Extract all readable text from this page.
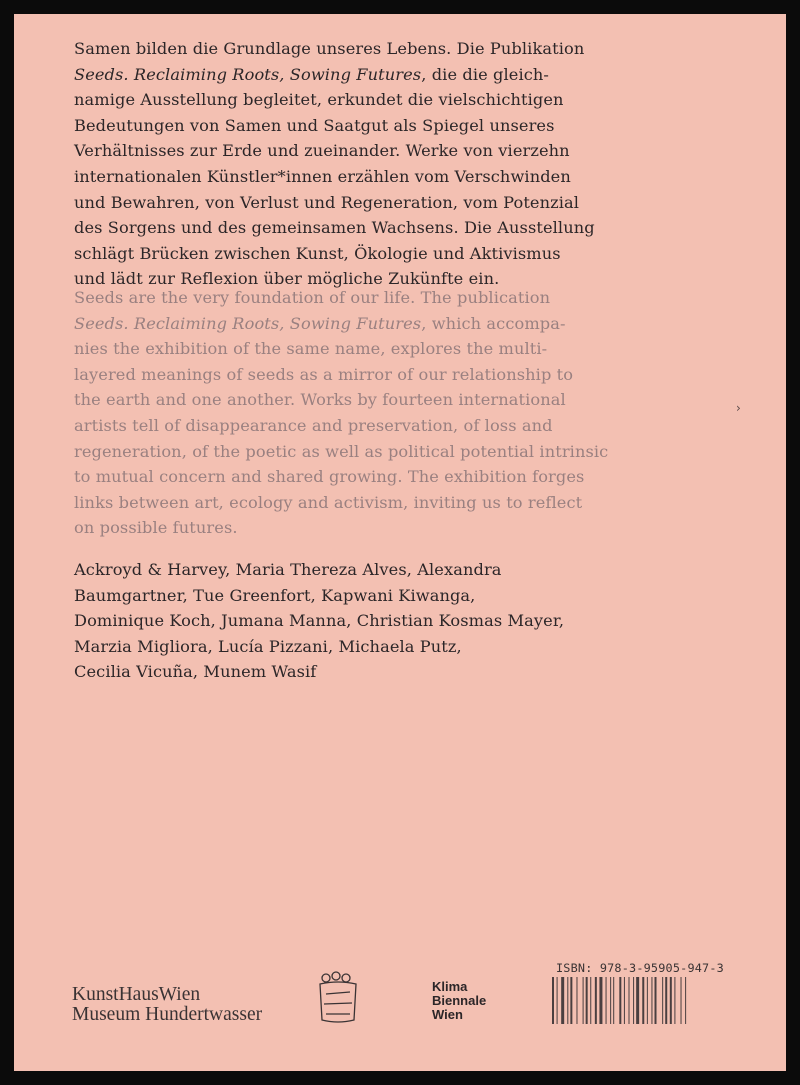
Samen bilden die Grundlage unseres Lebens. Die Publikation

Seeds. Reclaiming Roots, Sowing Futures, die die gleich-

namige Ausstellung begleitet, erkundet die vielschichtigen

Bedeutungen von Samen und Saatgut als Spiegel unseres

Verhältnisses zur Erde und zueinander. Werke von vierzehn

internationalen Künstler*innen erzählen vom Verschwinden

und Bewahren, von Verlust und Regeneration, vom Potenzial

des Sorgens und des gemeinsamen Wachsens. Die Ausstellung

schlägt Brücken zwischen Kunst, Ökologie und Aktivismus

und lädt zur Reflexion über mögliche Zukünfte ein.

Seeds are the very foundation of our life. The publication

Seeds. Reclaiming Roots, Sowing Futures, which accompa-

nies the exhibition of the same name, explores the multi-

layered meanings of seeds as a mirror of our relationship to

the earth and one another. Works by fourteen international

artists tell of disappearance and preservation, of loss and

regeneration, of the poetic as well as political potential intrinsic

to mutual concern and shared growing. The exhibition forges

links between art, ecology and activism, inviting us to reflect

on possible futures.

Ackroyd & Harvey, Maria Thereza Alves, Alexandra

Baumgartner, Tue Greenfort, Kapwani Kiwanga,

Dominique Koch, Jumana Manna, Christian Kosmas Mayer,

Marzia Migliora, Lucía Pizzani, Michaela Putz,

Cecilia Vicuña, Munem Wasif

›
KunstHausWien
Museum Hundertwasser
Klima
Biennale
Wien
ISBN: 978-3-95905-947-3
